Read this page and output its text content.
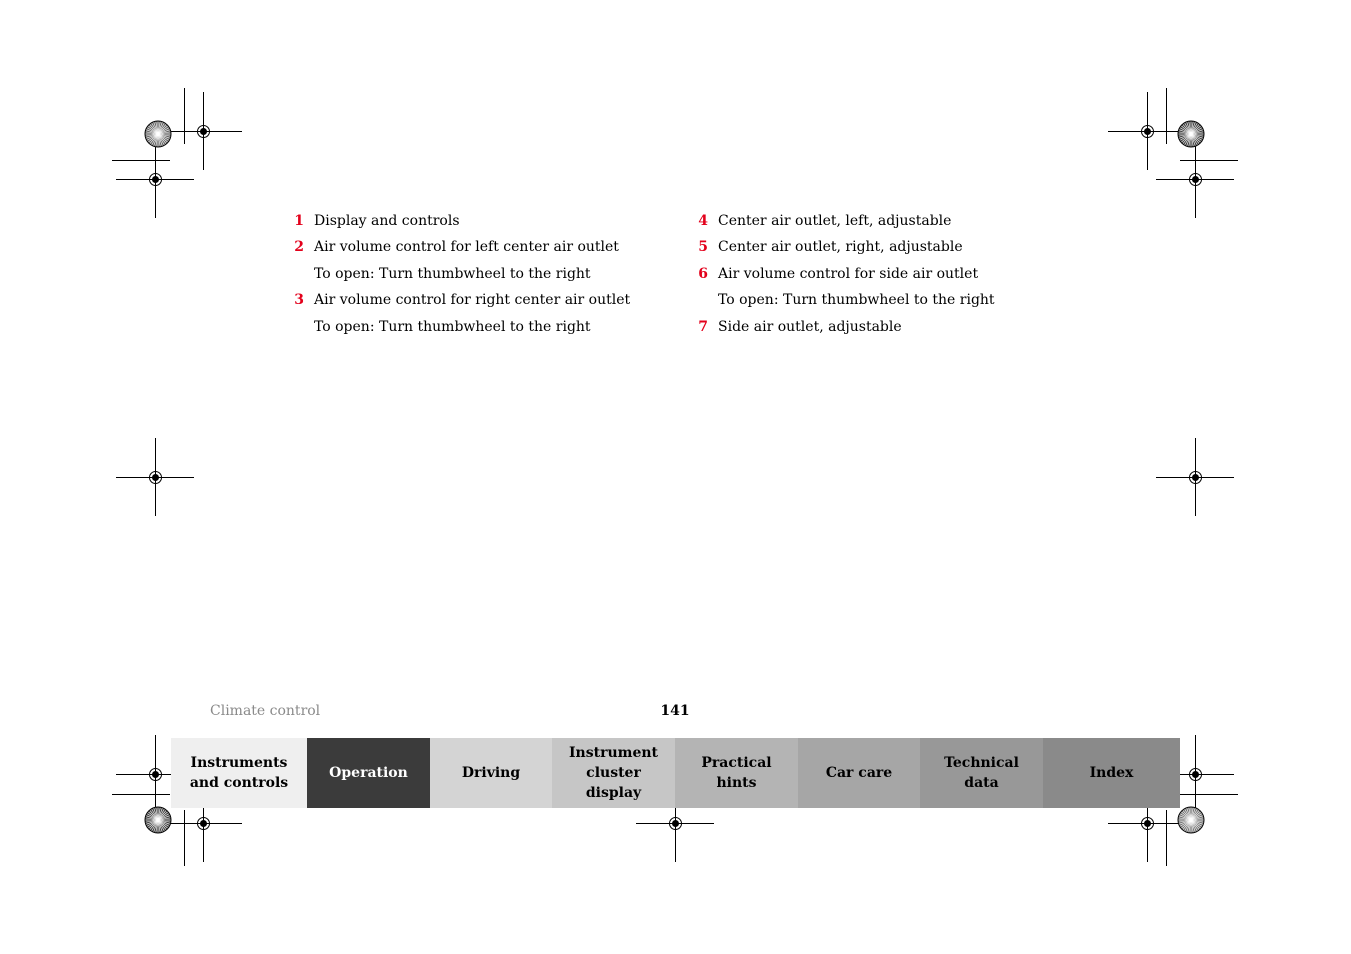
1 Display and controls
2 Air volume control for left center air outlet
To open: Turn thumbwheel to the right
3 Air volume control for right center air outlet
To open: Turn thumbwheel to the right
4 Center air outlet, left, adjustable
5 Center air outlet, right, adjustable
6 Air volume control for side air outlet
To open: Turn thumbwheel to the right
7 Side air outlet, adjustable
Climate control	141
Instruments
and controls
Operation	Driving
Instrument
cluster display
Practical hints
Car care
Technical
data
Index
